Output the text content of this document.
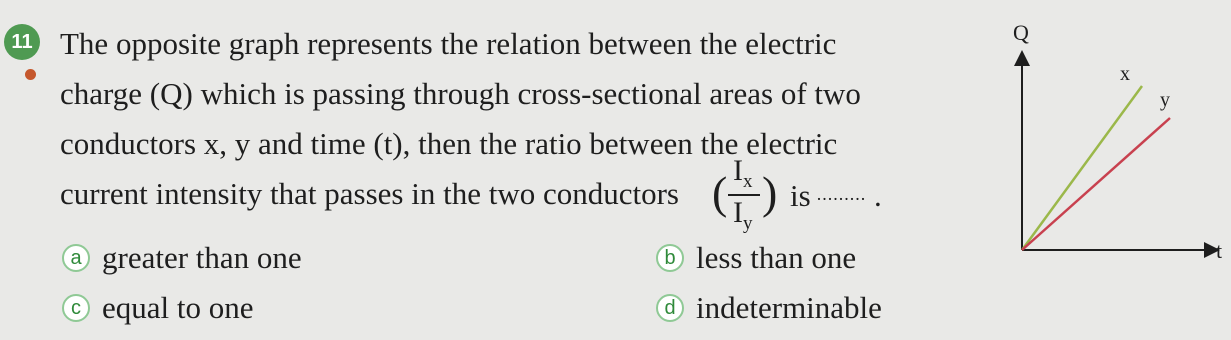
11 The opposite graph represents the relation between the electric
charge (Q) which is passing through cross-sectional areas of two
conductors x, y and time (t), then the ratio between the electric
current intensity that passes in the two conductors ( $I_x$
$I_y$
) is ......... .
a greater than one	b less than one
c equal to one	d indeterminable
Q
t
x
y
